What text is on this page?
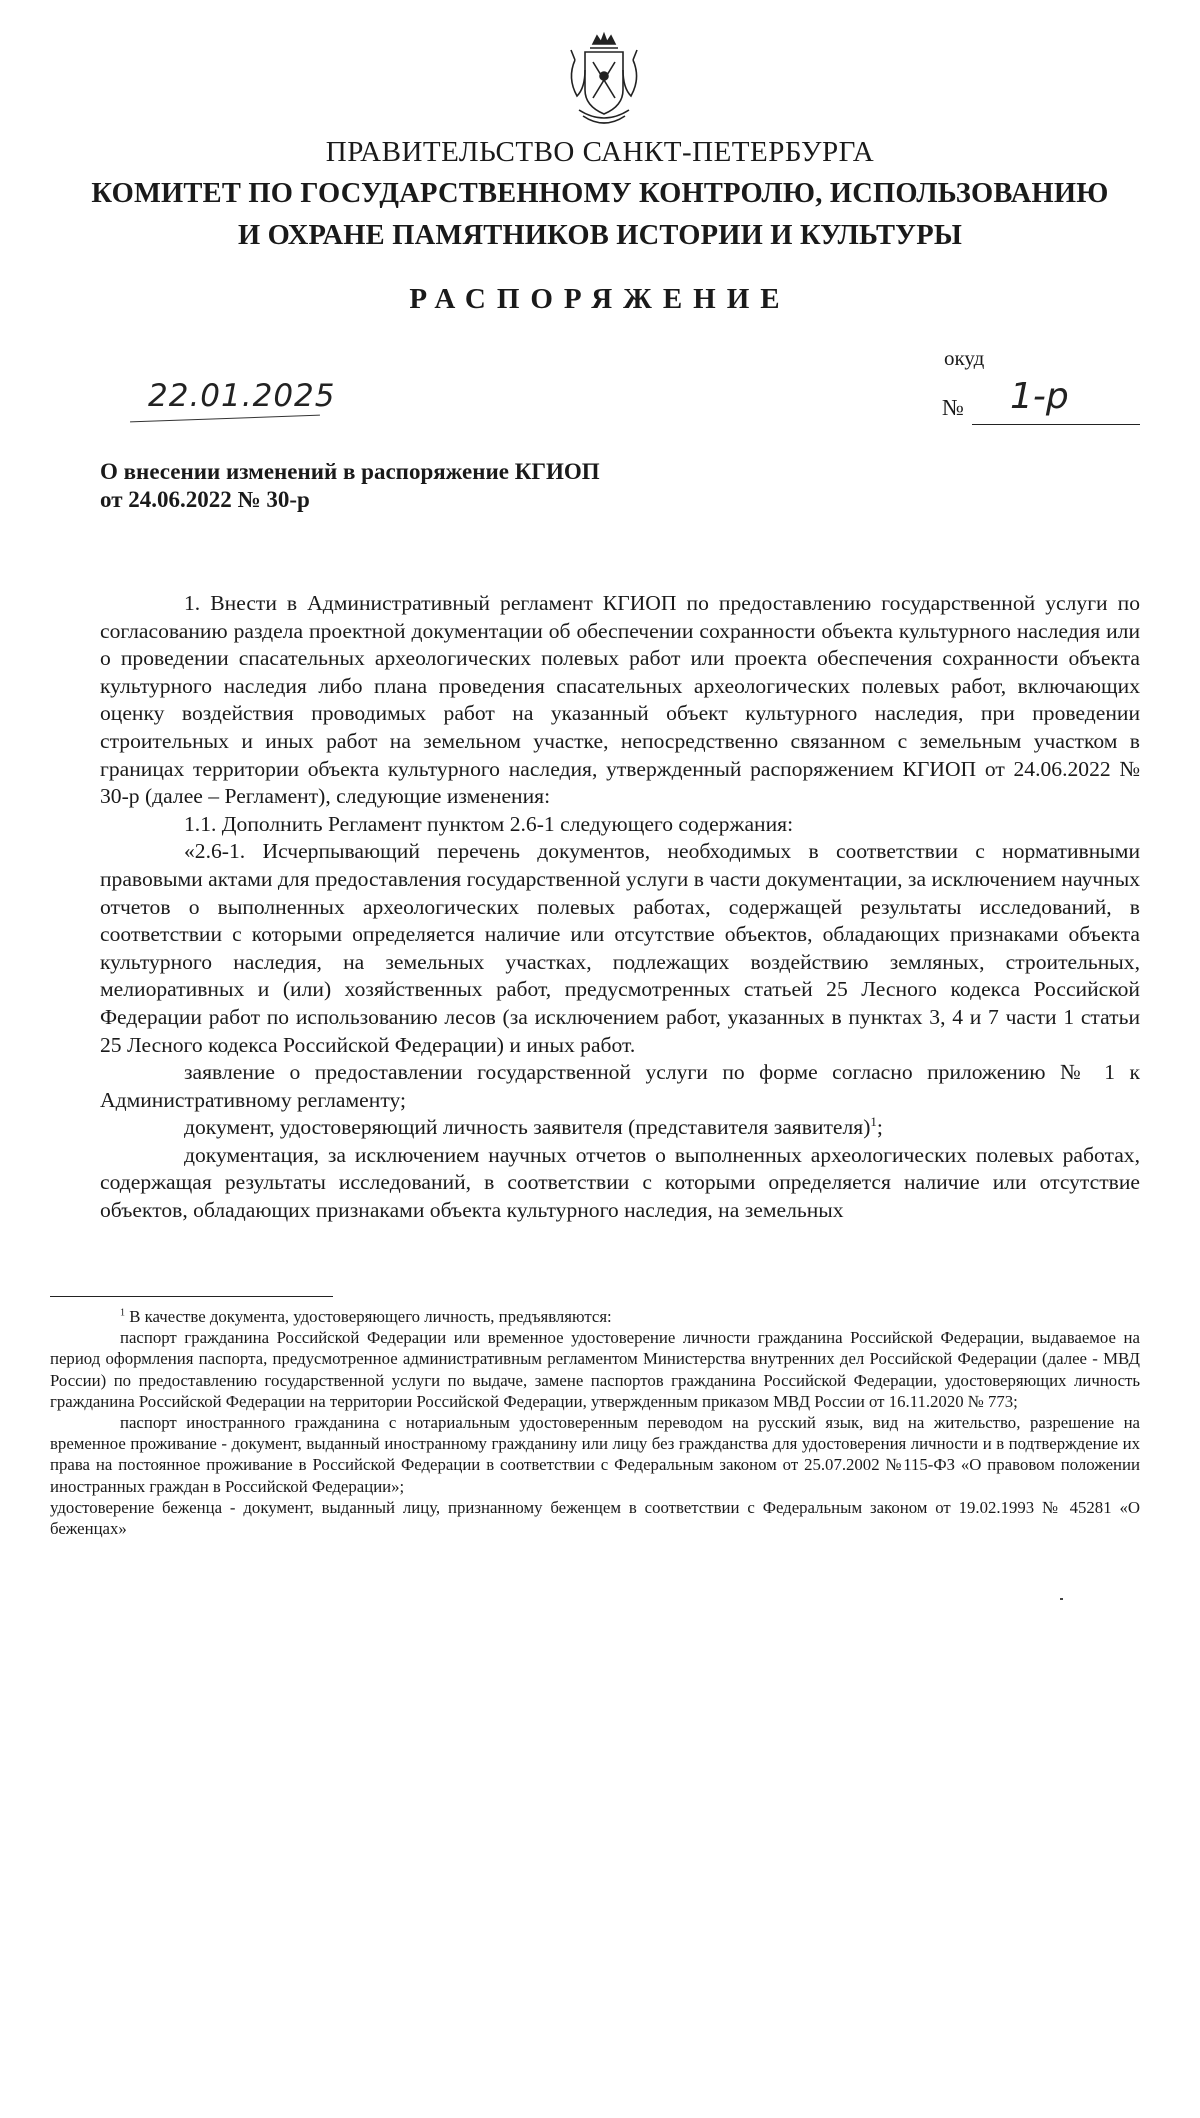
ПРАВИТЕЛЬСТВО САНКТ-ПЕТЕРБУРГА
КОМИТЕТ ПО ГОСУДАРСТВЕННОМУ КОНТРОЛЮ, ИСПОЛЬЗОВАНИЮ
И ОХРАНЕ ПАМЯТНИКОВ ИСТОРИИ И КУЛЬТУРЫ
РАСПОРЯЖЕНИЕ
окуд
22.01.2025	№ 1-р
О внесении изменений в распоряжение КГИОП
от 24.06.2022 № 30-р

1. Внести в Административный регламент КГИОП по предоставлению государственной услуги по согласованию раздела проектной документации об обеспечении сохранности объекта культурного наследия или о проведении спасательных археологических полевых работ или проекта обеспечения сохранности объекта культурного наследия либо плана проведения спасательных археологических полевых работ, включающих оценку воздействия проводимых работ на указанный объект культурного наследия, при проведении строительных и иных работ на земельном участке, непосредственно связанном с земельным участком в границах территории объекта культурного наследия, утвержденный распоряжением КГИОП от 24.06.2022 № 30-р (далее – Регламент), следующие изменения:

1.1. Дополнить Регламент пунктом 2.6-1 следующего содержания:

«2.6-1. Исчерпывающий перечень документов, необходимых в соответствии с нормативными правовыми актами для предоставления государственной услуги в части документации, за исключением научных отчетов о выполненных археологических полевых работах, содержащей результаты исследований, в соответствии с которыми определяется наличие или отсутствие объектов, обладающих признаками объекта культурного наследия, на земельных участках, подлежащих воздействию земляных, строительных, мелиоративных и (или) хозяйственных работ, предусмотренных статьей 25 Лесного кодекса Российской Федерации работ по использованию лесов (за исключением работ, указанных в пунктах 3, 4 и 7 части 1 статьи 25 Лесного кодекса Российской Федерации) и иных работ.

заявление о предоставлении государственной услуги по форме согласно приложению № 1 к Административному регламенту;

документ, удостоверяющий личность заявителя (представителя заявителя)$^1$;

документация, за исключением научных отчетов о выполненных археологических полевых работах, содержащая результаты исследований, в соответствии с которыми определяется наличие или отсутствие объектов, обладающих признаками объекта культурного наследия, на земельных

$^1$ В качестве документа, удостоверяющего личность, предъявляются:

паспорт гражданина Российской Федерации или временное удостоверение личности гражданина Российской Федерации, выдаваемое на период оформления паспорта, предусмотренное административным регламентом Министерства внутренних дел Российской Федерации (далее - МВД России) по предоставлению государственной услуги по выдаче, замене паспортов гражданина Российской Федерации, удостоверяющих личность гражданина Российской Федерации на территории Российской Федерации, утвержденным приказом МВД России от 16.11.2020 № 773;

паспорт иностранного гражданина с нотариальным удостоверенным переводом на русский язык, вид на жительство, разрешение на временное проживание - документ, выданный иностранному гражданину или лицу без гражданства для удостоверения личности и в подтверждение их права на постоянное проживание в Российской Федерации в соответствии с Федеральным законом от 25.07.2002 №115-ФЗ «О правовом положении иностранных граждан в Российской Федерации»;

удостоверение беженца - документ, выданный лицу, признанному беженцем в соответствии с Федеральным законом от 19.02.1993 № 45281 «О беженцах»
